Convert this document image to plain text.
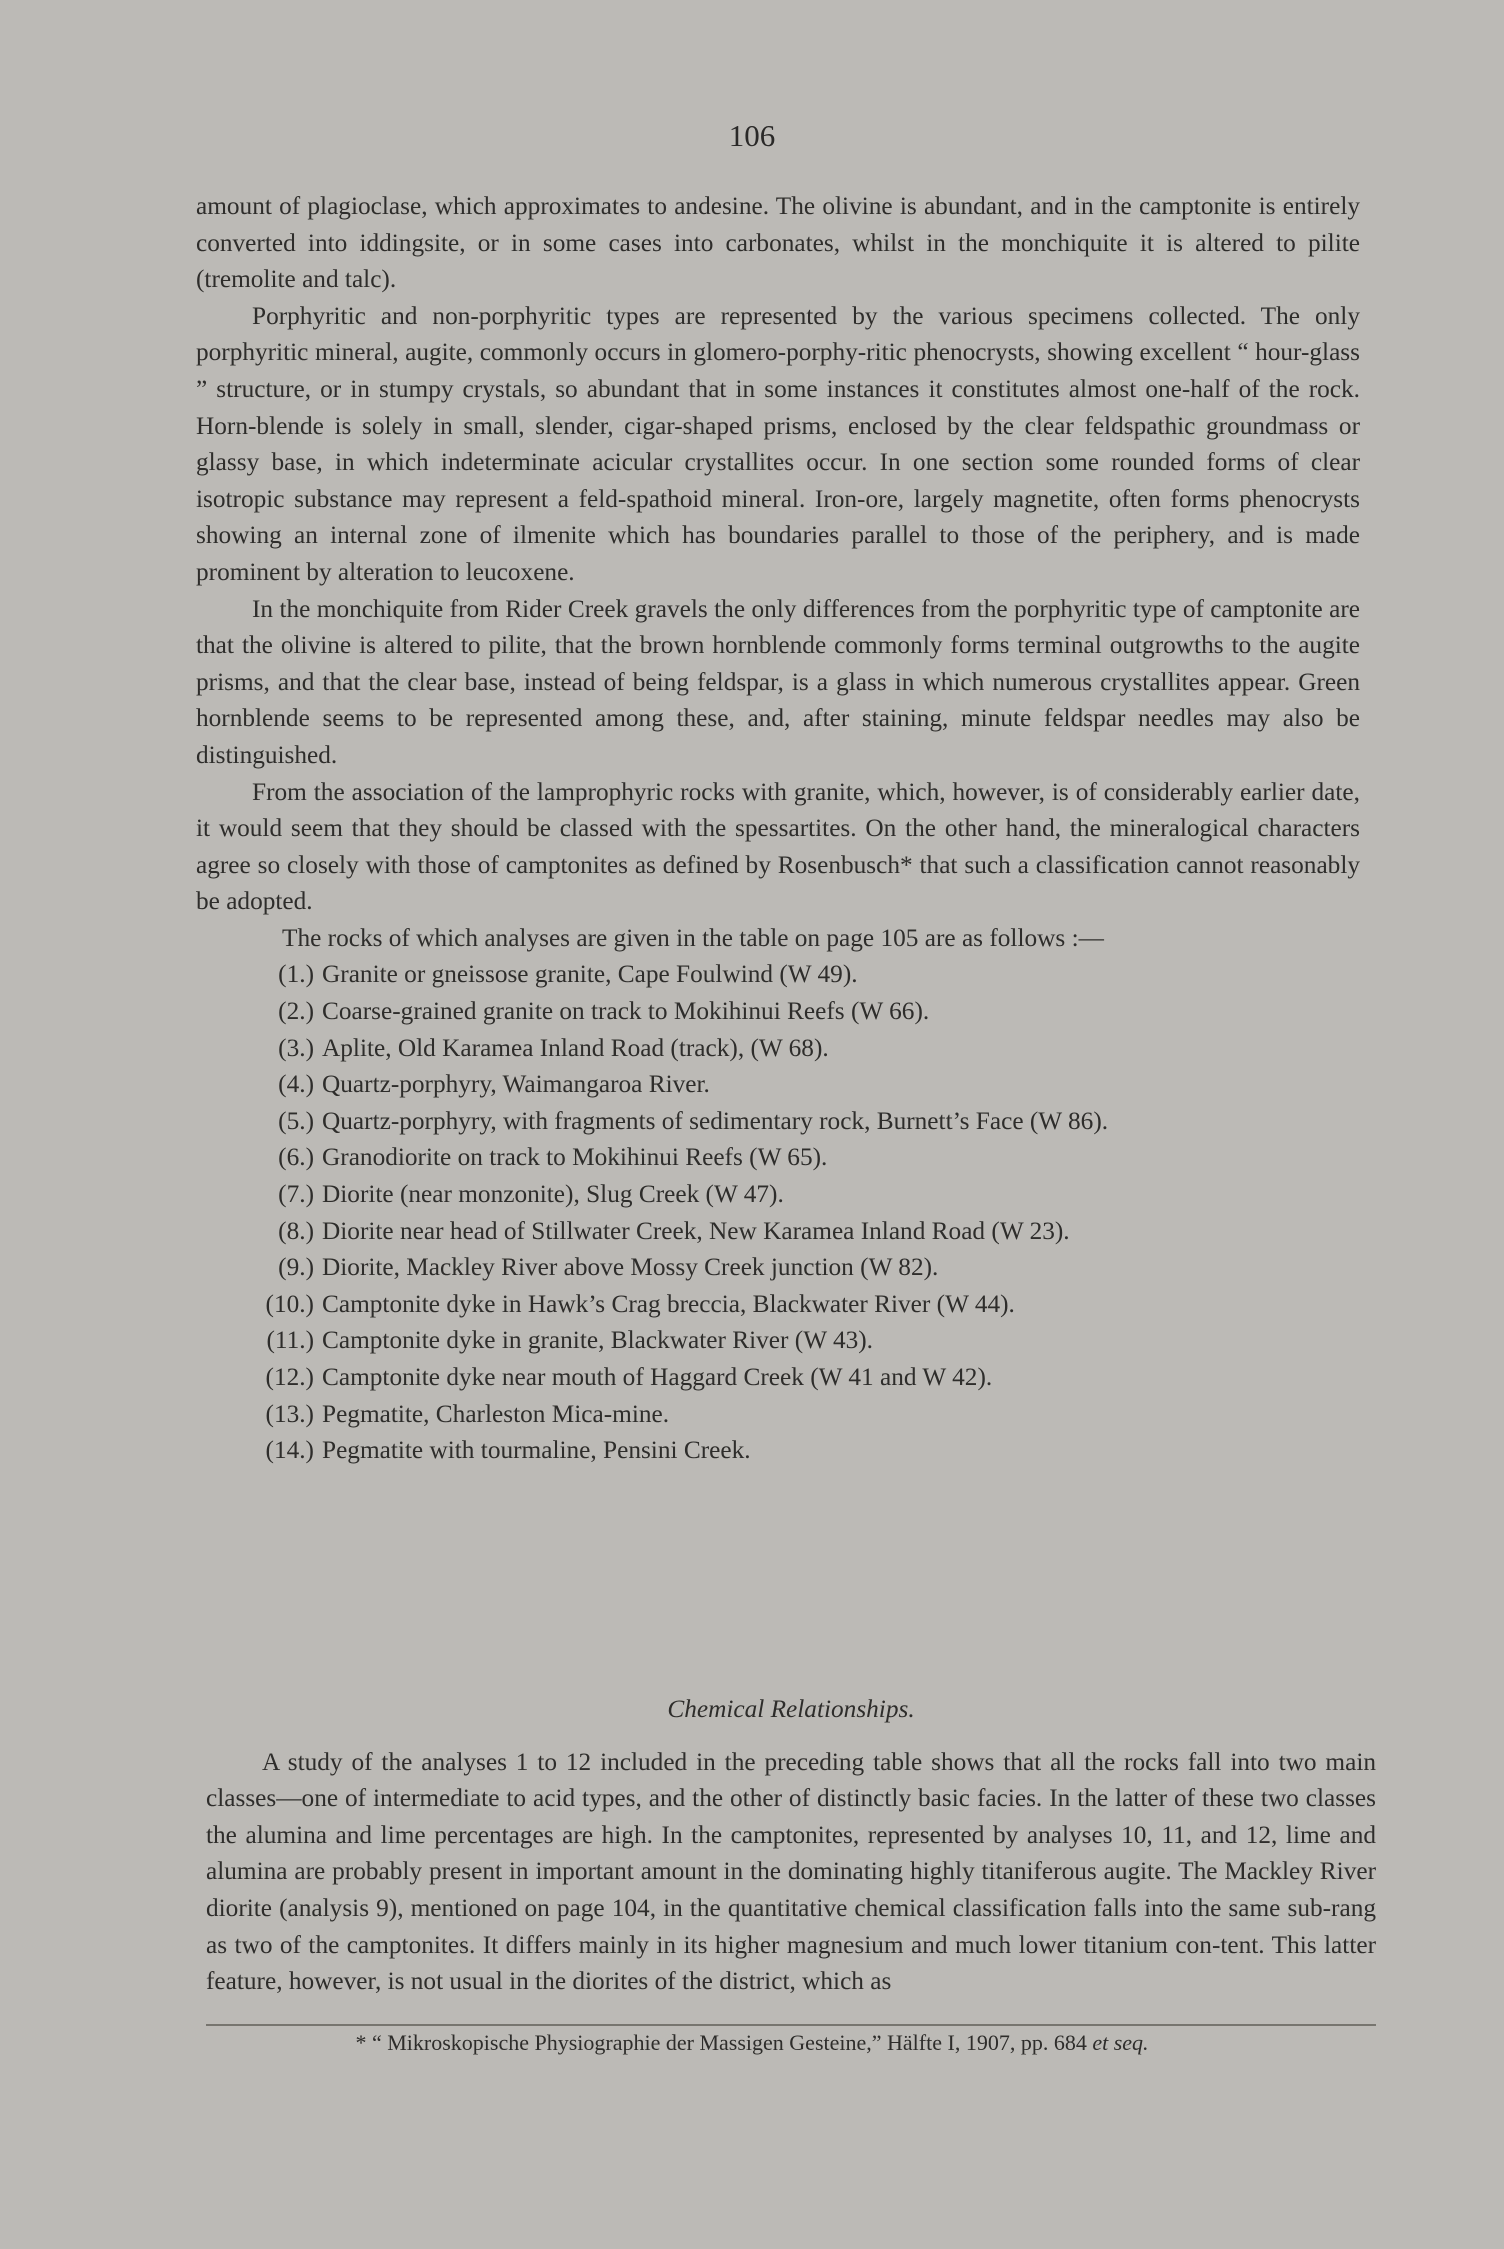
106

amount of plagioclase, which approximates to andesine. The olivine is abundant, and in the camptonite is entirely converted into iddingsite, or in some cases into carbonates, whilst in the monchiquite it is altered to pilite (tremolite and talc).

Porphyritic and non-porphyritic types are represented by the various specimens collected. The only porphyritic mineral, augite, commonly occurs in glomero-porphy-ritic phenocrysts, showing excellent “ hour-glass ” structure, or in stumpy crystals, so abundant that in some instances it constitutes almost one-half of the rock. Horn-blende is solely in small, slender, cigar-shaped prisms, enclosed by the clear feldspathic groundmass or glassy base, in which indeterminate acicular crystallites occur. In one section some rounded forms of clear isotropic substance may represent a feld-spathoid mineral. Iron-ore, largely magnetite, often forms phenocrysts showing an internal zone of ilmenite which has boundaries parallel to those of the periphery, and is made prominent by alteration to leucoxene.

In the monchiquite from Rider Creek gravels the only differences from the porphyritic type of camptonite are that the olivine is altered to pilite, that the brown hornblende commonly forms terminal outgrowths to the augite prisms, and that the clear base, instead of being feldspar, is a glass in which numerous crystallites appear. Green hornblende seems to be represented among these, and, after staining, minute feldspar needles may also be distinguished.

From the association of the lamprophyric rocks with granite, which, however, is of considerably earlier date, it would seem that they should be classed with the spessartites. On the other hand, the mineralogical characters agree so closely with those of camptonites as defined by Rosenbusch* that such a classification cannot reasonably be adopted.

The rocks of which analyses are given in the table on page 105 are as follows :—

(1.) Granite or gneissose granite, Cape Foulwind (W 49).
(2.) Coarse-grained granite on track to Mokihinui Reefs (W 66).
(3.) Aplite, Old Karamea Inland Road (track), (W 68).
(4.) Quartz-porphyry, Waimangaroa River.
(5.) Quartz-porphyry, with fragments of sedimentary rock, Burnett’s Face (W 86).
(6.) Granodiorite on track to Mokihinui Reefs (W 65).
(7.) Diorite (near monzonite), Slug Creek (W 47).
(8.) Diorite near head of Stillwater Creek, New Karamea Inland Road (W 23).
(9.) Diorite, Mackley River above Mossy Creek junction (W 82).
(10.) Camptonite dyke in Hawk’s Crag breccia, Blackwater River (W 44).
(11.) Camptonite dyke in granite, Blackwater River (W 43).
(12.) Camptonite dyke near mouth of Haggard Creek (W 41 and W 42).
(13.) Pegmatite, Charleston Mica-mine.
(14.) Pegmatite with tourmaline, Pensini Creek.
Chemical Relationships.

A study of the analyses 1 to 12 included in the preceding table shows that all the rocks fall into two main classes—one of intermediate to acid types, and the other of distinctly basic facies. In the latter of these two classes the alumina and lime percentages are high. In the camptonites, represented by analyses 10, 11, and 12, lime and alumina are probably present in important amount in the dominating highly titaniferous augite. The Mackley River diorite (analysis 9), mentioned on page 104, in the quantitative chemical classification falls into the same sub-rang as two of the camptonites. It differs mainly in its higher magnesium and much lower titanium con-tent. This latter feature, however, is not usual in the diorites of the district, which as

* “ Mikroskopische Physiographie der Massigen Gesteine,” Hälfte I, 1907, pp. 684 et seq.
